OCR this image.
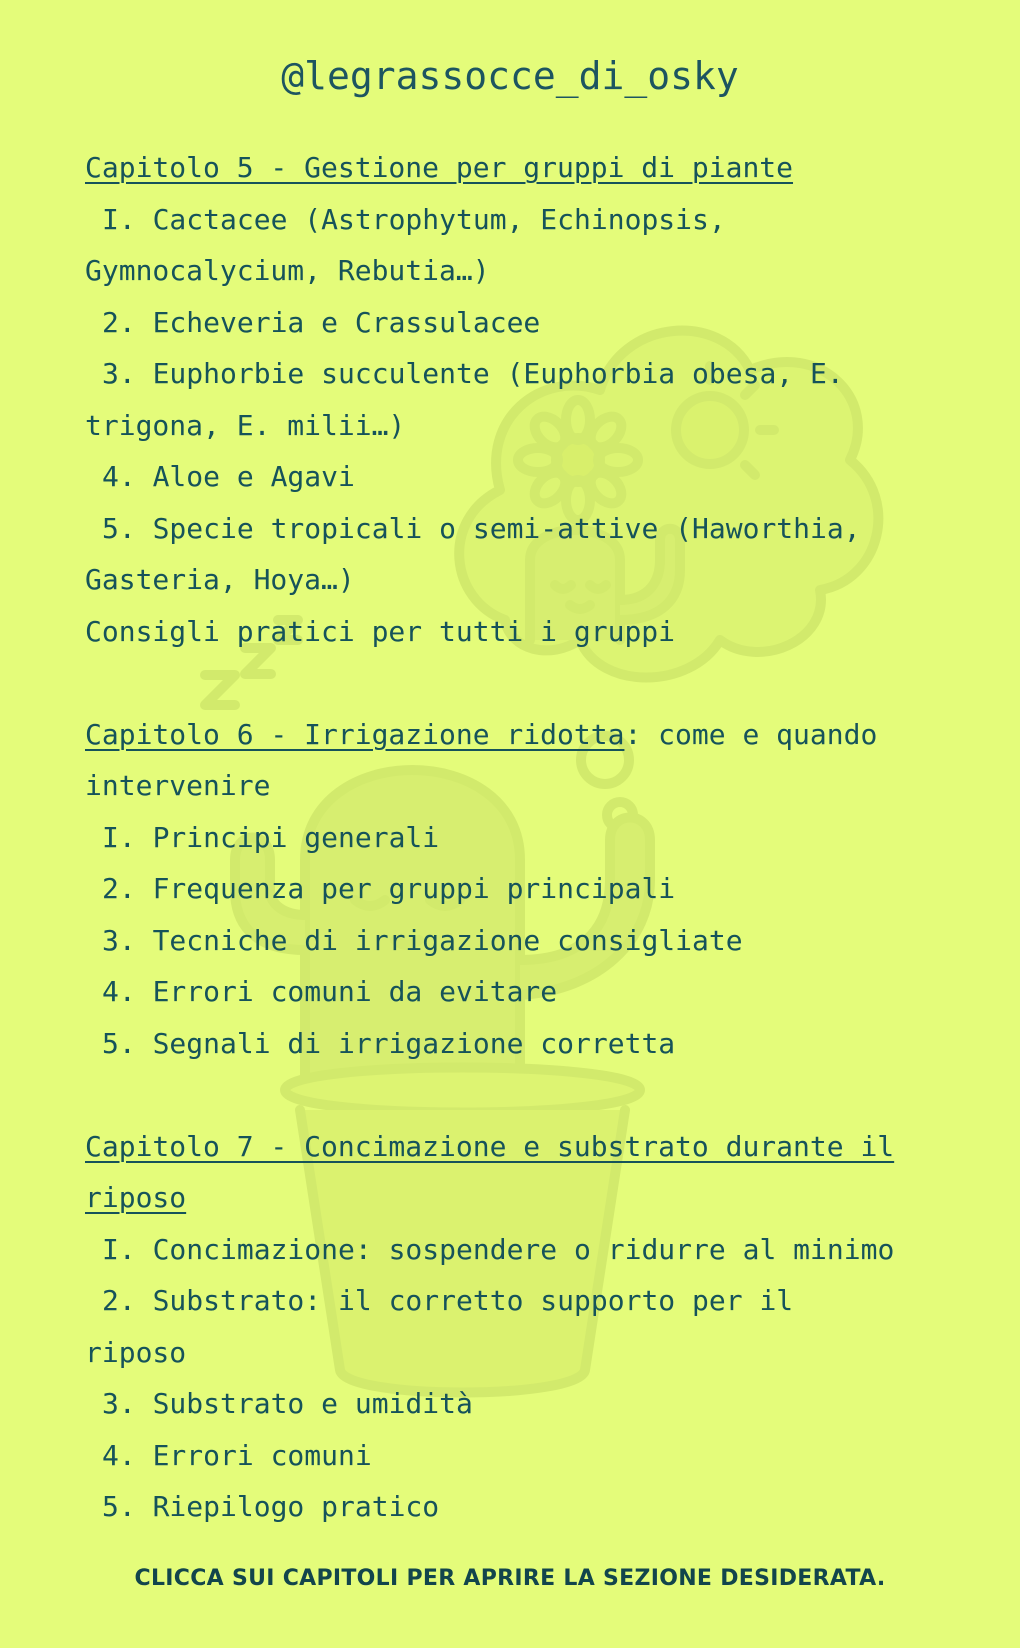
@legrassocce_di_osky
Capitolo 5 - Gestione per gruppi di piante
I. Cactacee (Astrophytum, Echinopsis,
Gymnocalycium, Rebutia…)
2. Echeveria e Crassulacee
3. Euphorbie succulente (Euphorbia obesa, E.
trigona, E. milii…)
4. Aloe e Agavi
5. Specie tropicali o semi-attive (Haworthia,
Gasteria, Hoya…)
Consigli pratici per tutti i gruppi
Capitolo 6 - Irrigazione ridotta: come e quando
intervenire
I. Principi generali
2. Frequenza per gruppi principali
3. Tecniche di irrigazione consigliate
4. Errori comuni da evitare
5. Segnali di irrigazione corretta
Capitolo 7 - Concimazione e substrato durante il
riposo
I. Concimazione: sospendere o ridurre al minimo
2. Substrato: il corretto supporto per il
riposo
3. Substrato e umidità
4. Errori comuni
5. Riepilogo pratico
CLICCA SUI CAPITOLI PER APRIRE LA SEZIONE DESIDERATA.
